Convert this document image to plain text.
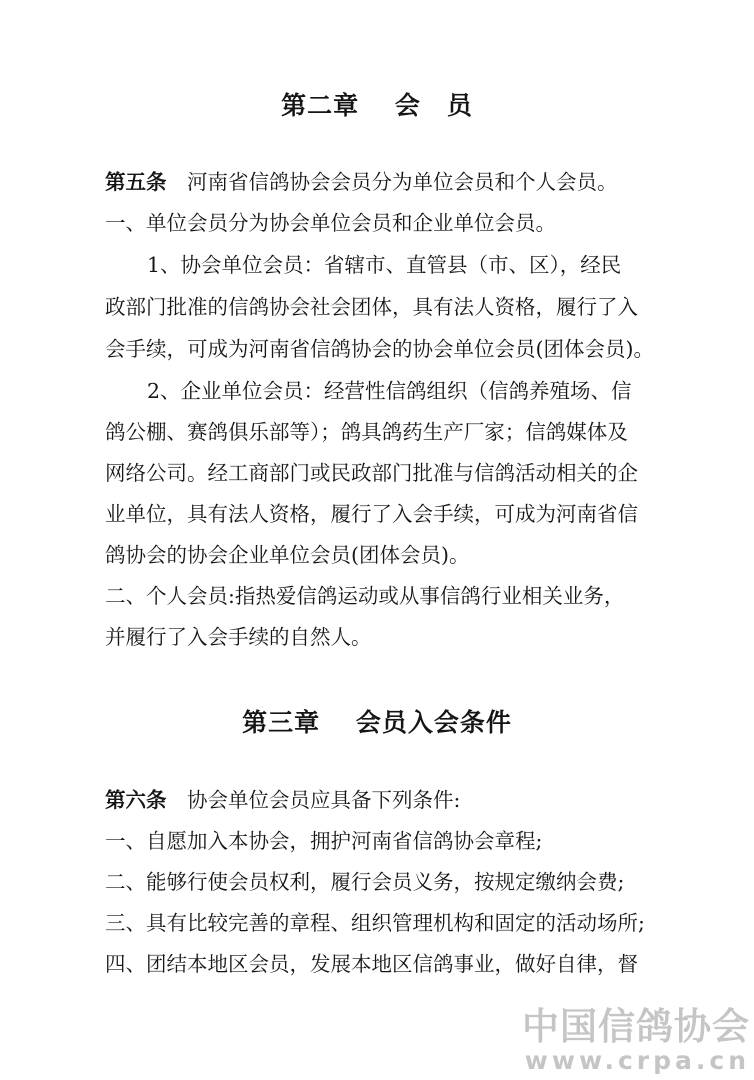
第二章　 会　员
第五条　河南省信鸽协会会员分为单位会员和个人会员。
一、单位会员分为协会单位会员和企业单位会员。
1、协会单位会员：省辖市、直管县（市、区），经民
政部门批准的信鸽协会社会团体，具有法人资格，履行了入
会手续，可成为河南省信鸽协会的协会单位会员(团体会员)。
2、企业单位会员：经营性信鸽组织（信鸽养殖场、信
鸽公棚、赛鸽俱乐部等）；鸽具鸽药生产厂家；信鸽媒体及
网络公司。经工商部门或民政部门批准与信鸽活动相关的企
业单位，具有法人资格，履行了入会手续，可成为河南省信
鸽协会的协会企业单位会员(团体会员)。
二、个人会员:指热爱信鸽运动或从事信鸽行业相关业务，
并履行了入会手续的自然人。
第三章　 会员入会条件
第六条　协会单位会员应具备下列条件:
一、自愿加入本协会，拥护河南省信鸽协会章程;
二、能够行使会员权利，履行会员义务，按规定缴纳会费;
三、具有比较完善的章程、组织管理机构和固定的活动场所;
四、团结本地区会员，发展本地区信鸽事业，做好自律，督
中国信鸽协会
www.crpa.cn
